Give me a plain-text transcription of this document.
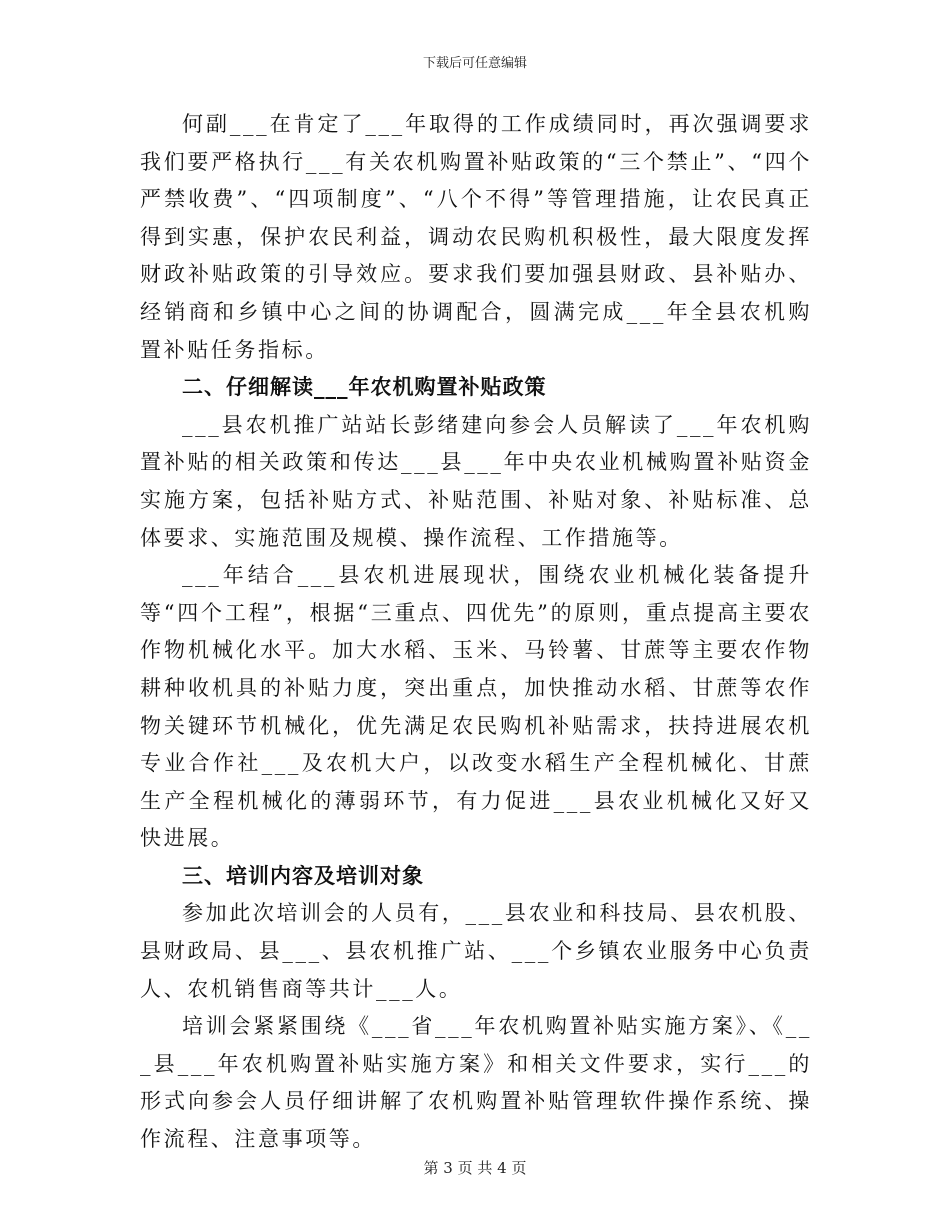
下载后可任意编辑

何副___在肯定了___年取得的工作成绩同时，再次强调要求我们要严格执行___有关农机购置补贴政策的“三个禁止”、“四个严禁收费”、“四项制度”、“八个不得”等管理措施，让农民真正得到实惠，保护农民利益，调动农民购机积极性，最大限度发挥财政补贴政策的引导效应。要求我们要加强县财政、县补贴办、经销商和乡镇中心之间的协调配合，圆满完成___年全县农机购置补贴任务指标。

二、仔细解读___年农机购置补贴政策

___县农机推广站站长彭绪建向参会人员解读了___年农机购置补贴的相关政策和传达___县___年中央农业机械购置补贴资金实施方案，包括补贴方式、补贴范围、补贴对象、补贴标准、总体要求、实施范围及规模、操作流程、工作措施等。

___年结合___县农机进展现状，围绕农业机械化装备提升等“四个工程”，根据“三重点、四优先”的原则，重点提高主要农作物机械化水平。加大水稻、玉米、马铃薯、甘蔗等主要农作物耕种收机具的补贴力度，突出重点，加快推动水稻、甘蔗等农作物关键环节机械化，优先满足农民购机补贴需求，扶持进展农机专业合作社___及农机大户，以改变水稻生产全程机械化、甘蔗生产全程机械化的薄弱环节，有力促进___县农业机械化又好又快进展。

三、培训内容及培训对象

参加此次培训会的人员有，___县农业和科技局、县农机股、县财政局、县___、县农机推广站、___个乡镇农业服务中心负责人、农机销售商等共计___人。

培训会紧紧围绕《___省___年农机购置补贴实施方案》、《___县___年农机购置补贴实施方案》和相关文件要求，实行___的形式向参会人员仔细讲解了农机购置补贴管理软件操作系统、操作流程、注意事项等。

第 3 页 共 4 页
